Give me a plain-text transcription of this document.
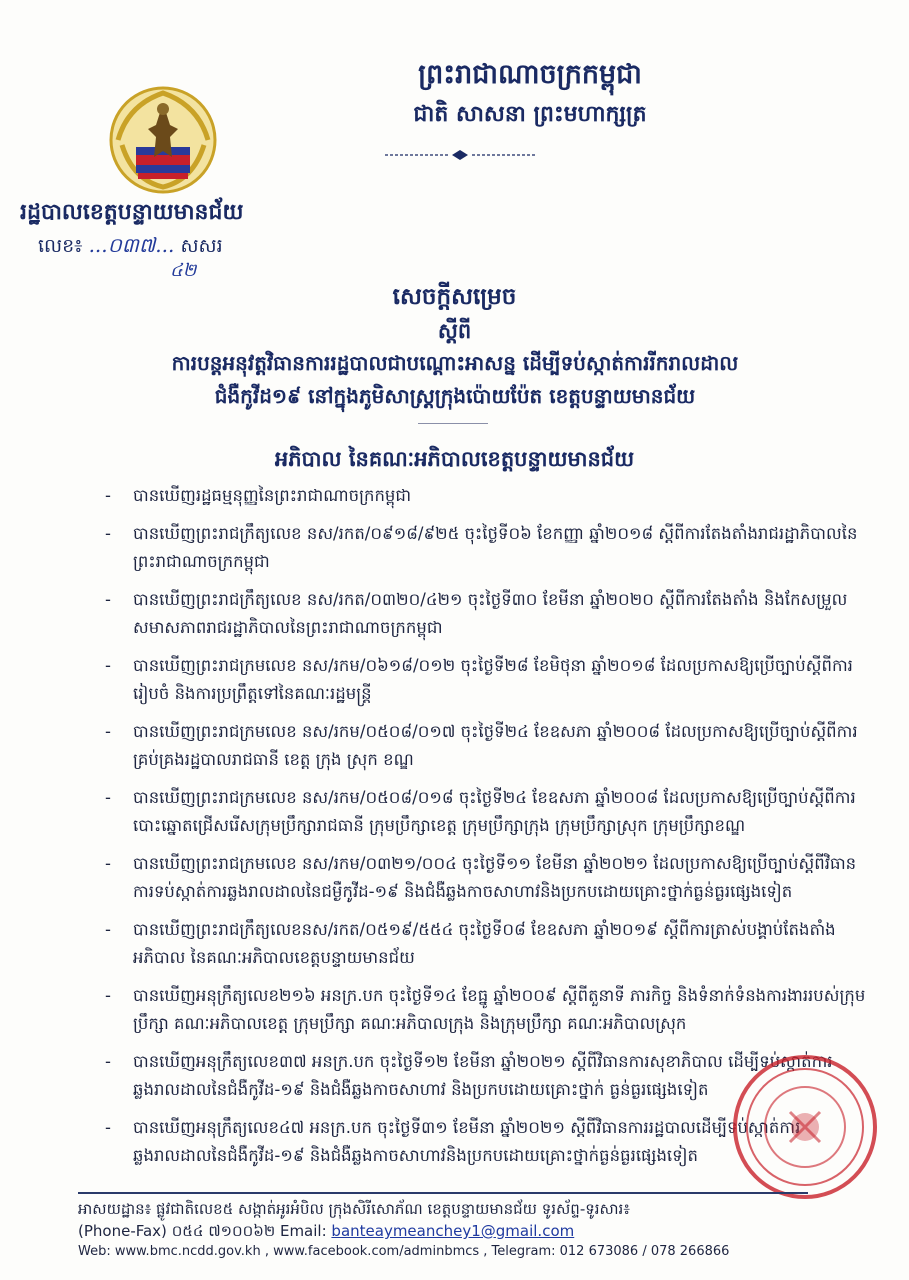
ព្រះរាជាណាចក្រកម្ពុជា
ជាតិ សាសនា ព្រះមហាក្សត្រ
រដ្ឋបាលខេត្តបន្ទាយមានជ័យ
លេខ៖ ...០៣៧... សសរ
៤២
សេចក្តីសម្រេច
ស្តីពី
ការបន្តអនុវត្តវិធានការរដ្ឋបាលជាបណ្តោះអាសន្ន ដើម្បីទប់ស្កាត់ការរីករាលដាល
ជំងឺកូវីដ១៩ នៅក្នុងភូមិសាស្ត្រក្រុងប៉ោយប៉ែត ខេត្តបន្ទាយមានជ័យ
អភិបាល នៃគណៈអភិបាលខេត្តបន្ទាយមានជ័យ
- បានឃើញរដ្ឋធម្មនុញ្ញនៃព្រះរាជាណាចក្រកម្ពុជា
- បានឃើញព្រះរាជក្រឹត្យលេខ នស/រកត/០៩១៨/៩២៥ ចុះថ្ងៃទី០៦ ខែកញ្ញា ឆ្នាំ២០១៨ ស្តីពីការតែងតាំងរាជរដ្ឋាភិបាលនៃព្រះរាជាណាចក្រកម្ពុជា
- បានឃើញព្រះរាជក្រឹត្យលេខ នស/រកត/០៣២០/៤២១ ចុះថ្ងៃទី៣០ ខែមីនា ឆ្នាំ២០២០ ស្តីពីការតែងតាំង និងកែសម្រួលសមាសភាពរាជរដ្ឋាភិបាលនៃព្រះរាជាណាចក្រកម្ពុជា
- បានឃើញព្រះរាជក្រមលេខ នស/រកម/០៦១៨/០១២ ចុះថ្ងៃទី២៨ ខែមិថុនា ឆ្នាំ២០១៨ ដែលប្រកាសឱ្យប្រើច្បាប់ស្តីពីការរៀបចំ និងការប្រព្រឹត្តទៅនៃគណៈរដ្ឋមន្ត្រី
- បានឃើញព្រះរាជក្រមលេខ នស/រកម/០៥០៨/០១៧ ចុះថ្ងៃទី២៤ ខែឧសភា ឆ្នាំ២០០៨ ដែលប្រកាសឱ្យប្រើច្បាប់ស្តីពីការគ្រប់គ្រងរដ្ឋបាលរាជធានី ខេត្ត ក្រុង ស្រុក ខណ្ឌ
- បានឃើញព្រះរាជក្រមលេខ នស/រកម/០៥០៨/០១៨ ចុះថ្ងៃទី២៤ ខែឧសភា ឆ្នាំ២០០៨ ដែលប្រកាសឱ្យប្រើច្បាប់ស្តីពីការបោះឆ្នោតជ្រើសរើសក្រុមប្រឹក្សារាជធានី ក្រុមប្រឹក្សាខេត្ត ក្រុមប្រឹក្សាក្រុង ក្រុមប្រឹក្សាស្រុក ក្រុមប្រឹក្សាខណ្ឌ
- បានឃើញព្រះរាជក្រមលេខ នស/រកម/០៣២១/០០៤ ចុះថ្ងៃទី១១ ខែមីនា ឆ្នាំ២០២១ ដែលប្រកាសឱ្យប្រើច្បាប់ស្តីពីវិធានការទប់ស្កាត់ការឆ្លងរាលដាលនៃជម្ងឺកូវីដ-១៩ និងជំងឺឆ្លងកាចសាហាវនិងប្រកបដោយគ្រោះថ្នាក់ធ្ងន់ធ្ងរផ្សេងទៀត
- បានឃើញព្រះរាជក្រឹត្យលេខនស/រកត/០៥១៩/៥៥៤ ចុះថ្ងៃទី០៨ ខែឧសភា ឆ្នាំ២០១៩ ស្តីពីការត្រាស់បង្គាប់តែងតាំងអភិបាល នៃគណៈអភិបាលខេត្តបន្ទាយមានជ័យ
- បានឃើញអនុក្រឹត្យលេខ២១៦ អនក្រ.បក ចុះថ្ងៃទី១៤ ខែធ្នូ ឆ្នាំ២០០៩ ស្តីពីតួនាទី ភារកិច្ច និងទំនាក់ទំនងការងាររបស់ក្រុមប្រឹក្សា គណៈអភិបាលខេត្ត ក្រុមប្រឹក្សា គណៈអភិបាលក្រុង និងក្រុមប្រឹក្សា គណៈអភិបាលស្រុក
- បានឃើញអនុក្រឹត្យលេខ៣៧ អនក្រ.បក ចុះថ្ងៃទី១២ ខែមីនា ឆ្នាំ២០២១ ស្តីពីវិធានការសុខាភិបាល ដើម្បីទប់ស្កាត់ការឆ្លងរាលដាលនៃជំងឺកូវីដ-១៩ និងជំងឺឆ្លងកាចសាហាវ និងប្រកបដោយគ្រោះថ្នាក់ ធ្ងន់ធ្ងរផ្សេងទៀត
- បានឃើញអនុក្រឹត្យលេខ៤៧ អនក្រ.បក ចុះថ្ងៃទី៣១ ខែមីនា ឆ្នាំ២០២១ ស្តីពីវិធានការរដ្ឋបាលដើម្បីទប់ស្កាត់ការឆ្លងរាលដាលនៃជំងឺកូវីដ-១៩ និងជំងឺឆ្លងកាចសាហាវនិងប្រកបដោយគ្រោះថ្នាក់ធ្ងន់ធ្ងរផ្សេងទៀត
អាសយដ្ឋាន៖ ផ្លូវជាតិលេខ៥ សង្កាត់អូរអំបិល ក្រុងសិរីសោភ័ណ ខេត្តបន្ទាយមានជ័យ ទូរស័ព្ទ-ទូរសារ៖
(Phone-Fax) ០៥៤ ៧១០០៦២ Email: banteaymeanchey1@gmail.com
Web: www.bmc.ncdd.gov.kh , www.facebook.com/adminbmcs , Telegram: 012 673086 / 078 266866
